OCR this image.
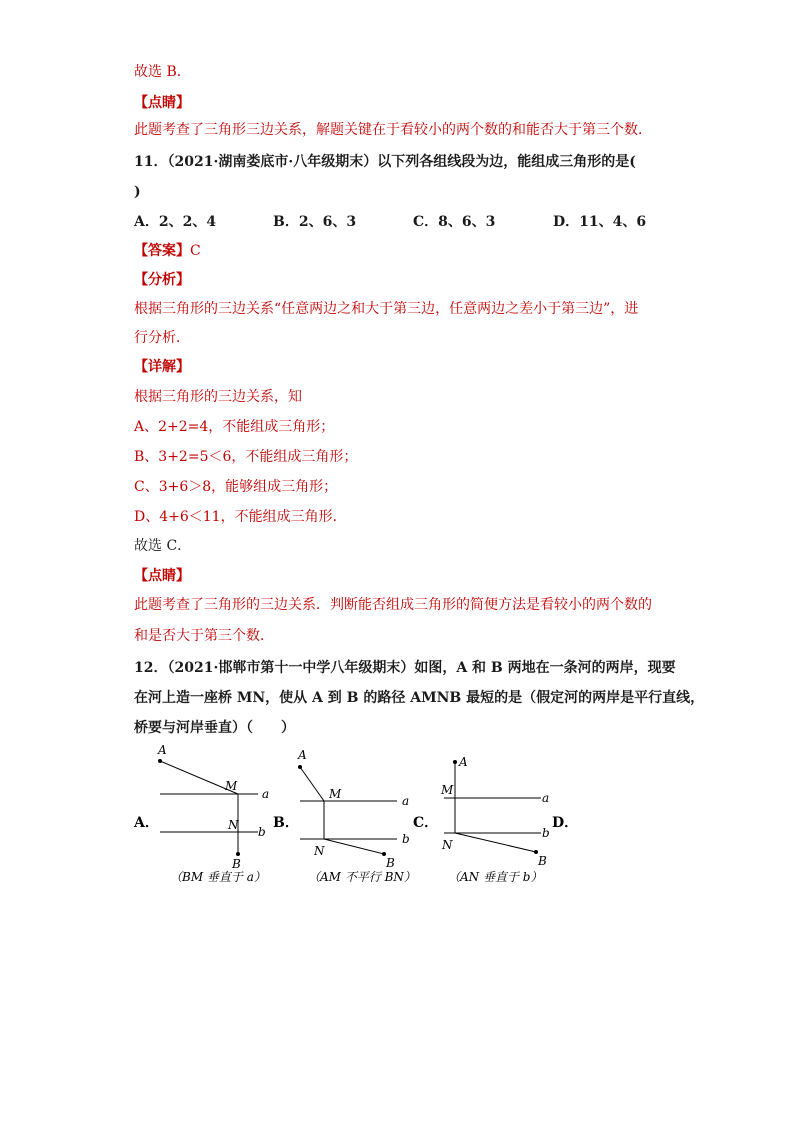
故选 B．
【点睛】
此题考查了三角形三边关系，解题关键在于看较小的两个数的和能否大于第三个数．
11．（2021·湖南娄底市·八年级期末）以下列各组线段为边，能组成三角形的是(
)
A．2、2、4	B．2、6、3	C．8、6、3	D．11、4、6
【答案】C
【分析】
根据三角形的三边关系“任意两边之和大于第三边，任意两边之差小于第三边”，进
行分析．
【详解】
根据三角形的三边关系，知
A、2+2=4，不能组成三角形；
B、3+2=5＜6，不能组成三角形；
C、3+6＞8，能够组成三角形；
D、4+6＜11，不能组成三角形．
故选 C．
【点睛】
此题考查了三角形的三边关系．判断能否组成三角形的简便方法是看较小的两个数的
和是否大于第三个数．
12．（2021·邯郸市第十一中学八年级期末）如图，A 和 B 两地在一条河的两岸，现要
在河上造一座桥 MN，使从 A 到 B 的路径 AMNB 最短的是（假定河的两岸是平行直线，
桥要与河岸垂直）（　　）
A．	B．	C．	D．
A
M
a
N b
B
（BM 垂直于 a）
A
M	a
N
b
B
（AM 不平行 BN）
A
M
a
N
b
B
（AN 垂直于 b）
